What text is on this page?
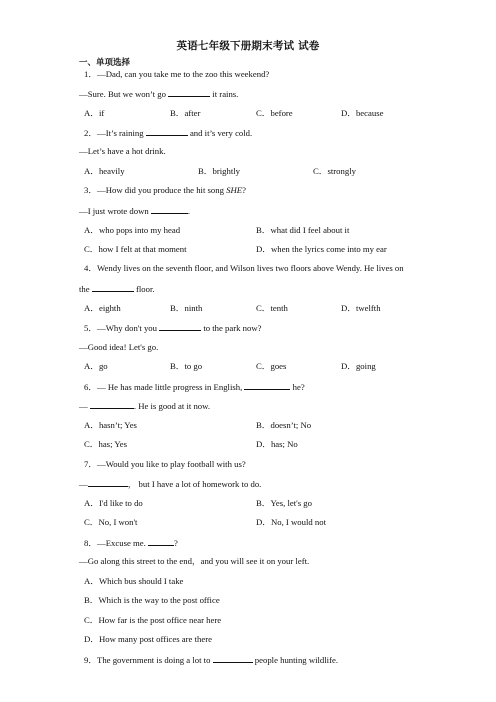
英语七年级下册期末考试 试卷
一、单项选择
1．—Dad, can you take me to the zoo this weekend?
—Sure. But we won’t go	it rains.
A．if	B．after	C．before	D．because
2．—It’s raining	and it’s very cold.
—Let’s have a hot drink.
A．heavily	B．brightly	C．strongly
3．—How did you produce the hit song SHE?
—I just wrote down	.
A．who pops into my head	B．what did I feel about it
C．how I felt at that moment	D．when the lyrics come into my ear
4．Wendy lives on the seventh floor, and Wilson lives two floors above Wendy. He lives on
the	floor.
A．eighth	B．ninth	C．tenth	D．twelfth
5．—Why don't you	to the park now?
—Good idea! Let's go.
A．go	B．to go	C．goes	D．going
6．— He has made little progress in English,	he?
—	. He is good at it now.
A．hasn’t; Yes	B．doesn’t; No
C．has; Yes	D．has; No
7．—Would you like to play football with us?
—	， but I have a lot of homework to do.
A．I'd like to do	B．Yes, let's go
C．No, I won't	D．No, I would not
8．—Excuse me.	?
—Go along this street to the end，and you will see it on your left.
A．Which bus should I take
B．Which is the way to the post office
C．How far is the post office near here
D．How many post offices are there
9．The government is doing a lot to	people hunting wildlife.
